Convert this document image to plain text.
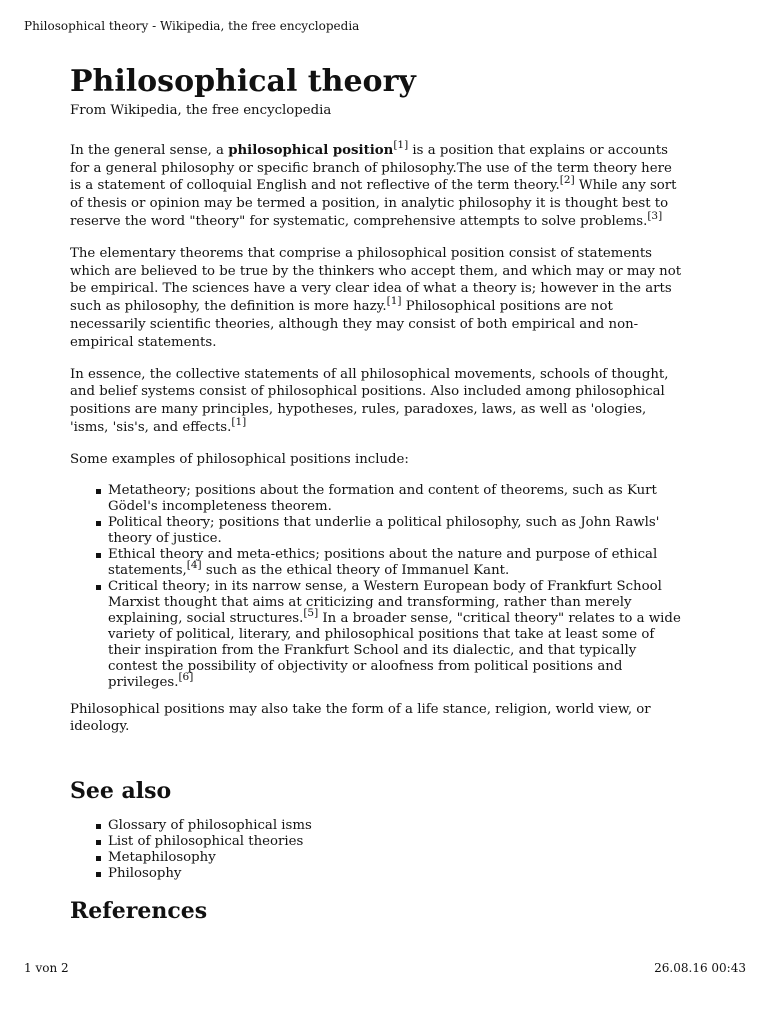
Philosophical theory - Wikipedia, the free encyclopedia
Philosophical theory
From Wikipedia, the free encyclopedia

In the general sense, a philosophical position[1] is a position that explains or accounts for a general philosophy or specific branch of philosophy.The use of the term theory here is a statement of colloquial English and not reflective of the term theory.[2] While any sort of thesis or opinion may be termed a position, in analytic philosophy it is thought best to reserve the word "theory" for systematic, comprehensive attempts to solve problems.[3]

The elementary theorems that comprise a philosophical position consist of statements which are believed to be true by the thinkers who accept them, and which may or may not be empirical. The sciences have a very clear idea of what a theory is; however in the arts such as philosophy, the definition is more hazy.[1] Philosophical positions are not necessarily scientific theories, although they may consist of both empirical and non-empirical statements.

In essence, the collective statements of all philosophical movements, schools of thought, and belief systems consist of philosophical positions. Also included among philosophical positions are many principles, hypotheses, rules, paradoxes, laws, as well as 'ologies, 'isms, 'sis's, and effects.[1]

Some examples of philosophical positions include:

Metatheory; positions about the formation and content of theorems, such as Kurt Gödel's incompleteness theorem.
Political theory; positions that underlie a political philosophy, such as John Rawls' theory of justice.
Ethical theory and meta-ethics; positions about the nature and purpose of ethical statements,[4] such as the ethical theory of Immanuel Kant.
Critical theory; in its narrow sense, a Western European body of Frankfurt School Marxist thought that aims at criticizing and transforming, rather than merely explaining, social structures.[5] In a broader sense, "critical theory" relates to a wide variety of political, literary, and philosophical positions that take at least some of their inspiration from the Frankfurt School and its dialectic, and that typically contest the possibility of objectivity or aloofness from political positions and privileges.[6]

Philosophical positions may also take the form of a life stance, religion, world view, or ideology.

See also
Glossary of philosophical isms
List of philosophical theories
Metaphilosophy
Philosophy
References
1 von 2	26.08.16 00:43
